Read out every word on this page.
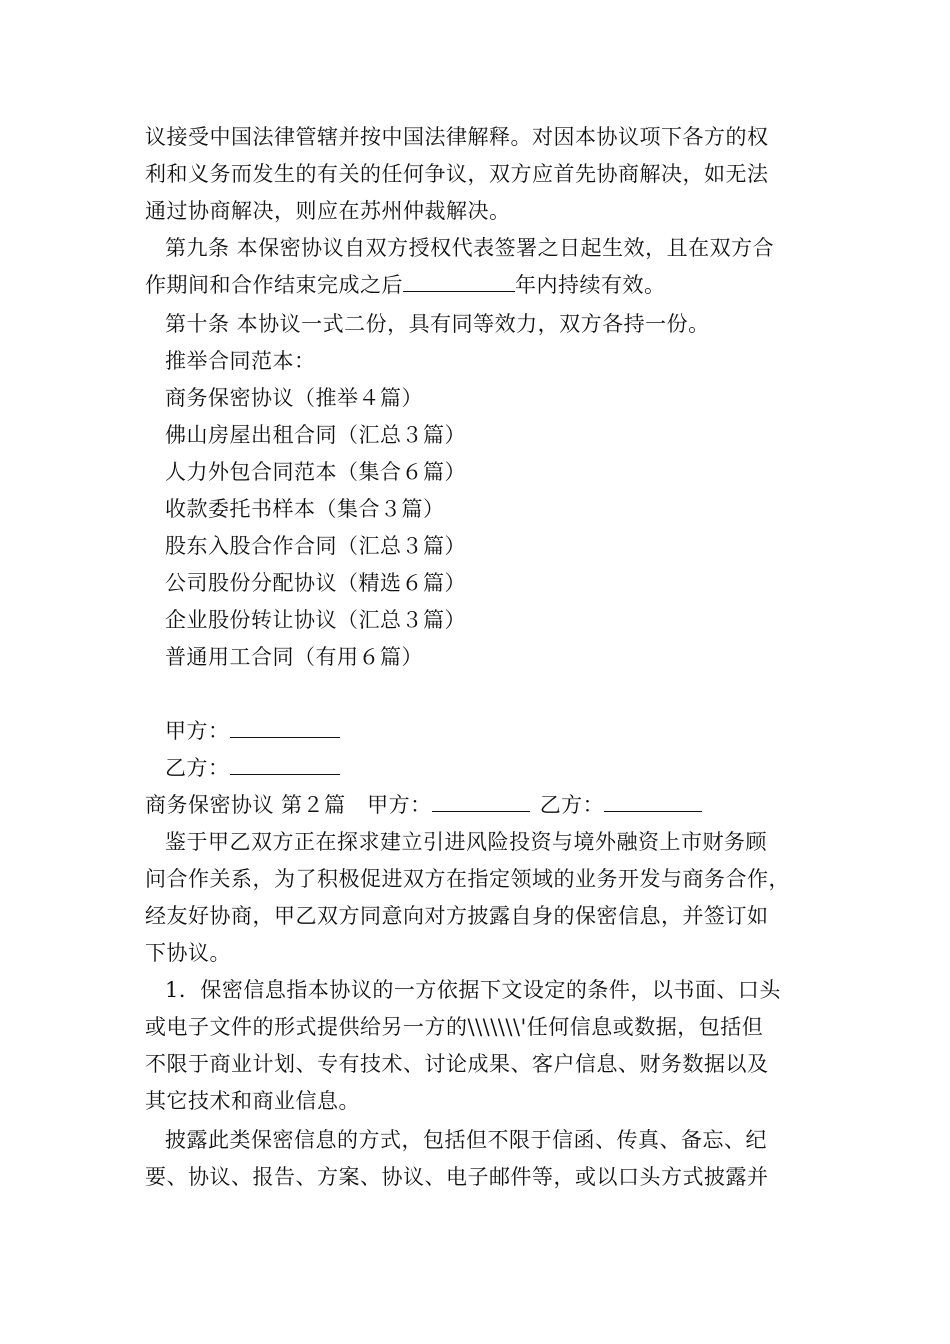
议接受中国法律管辖并按中国法律解释。对因本协议项下各方的权
利和义务而发生的有关的任何争议，双方应首先协商解决，如无法
通过协商解决，则应在苏州仲裁解决。
第九条 本保密协议自双方授权代表签署之日起生效，且在双方合
作期间和合作结束完成之后	年内持续有效。
第十条 本协议一式二份，具有同等效力，双方各持一份。
推举合同范本：
商务保密协议（推举４篇）
佛山房屋出租合同（汇总３篇）
人力外包合同范本（集合６篇）
收款委托书样本（集合３篇）
股东入股合作合同（汇总３篇）
公司股份分配协议（精选６篇）
企业股份转让协议（汇总３篇）
普通用工合同（有用６篇）
甲方：
乙方：
商务保密协议 第２篇　甲方：	乙方：
鉴于甲乙双方正在探求建立引进风险投资与境外融资上市财务顾
问合作关系，为了积极促进双方在指定领域的业务开发与商务合作，
经友好协商，甲乙双方同意向对方披露自身的保密信息，并签订如
下协议。
1．保密信息指本协议的一方依据下文设定的条件，以书面、口头
或电子文件的形式提供给另一方的\\\\\\\'任何信息或数据，包括但
不限于商业计划、专有技术、讨论成果、客户信息、财务数据以及
其它技术和商业信息。
披露此类保密信息的方式，包括但不限于信函、传真、备忘、纪
要、协议、报告、方案、协议、电子邮件等，或以口头方式披露并
